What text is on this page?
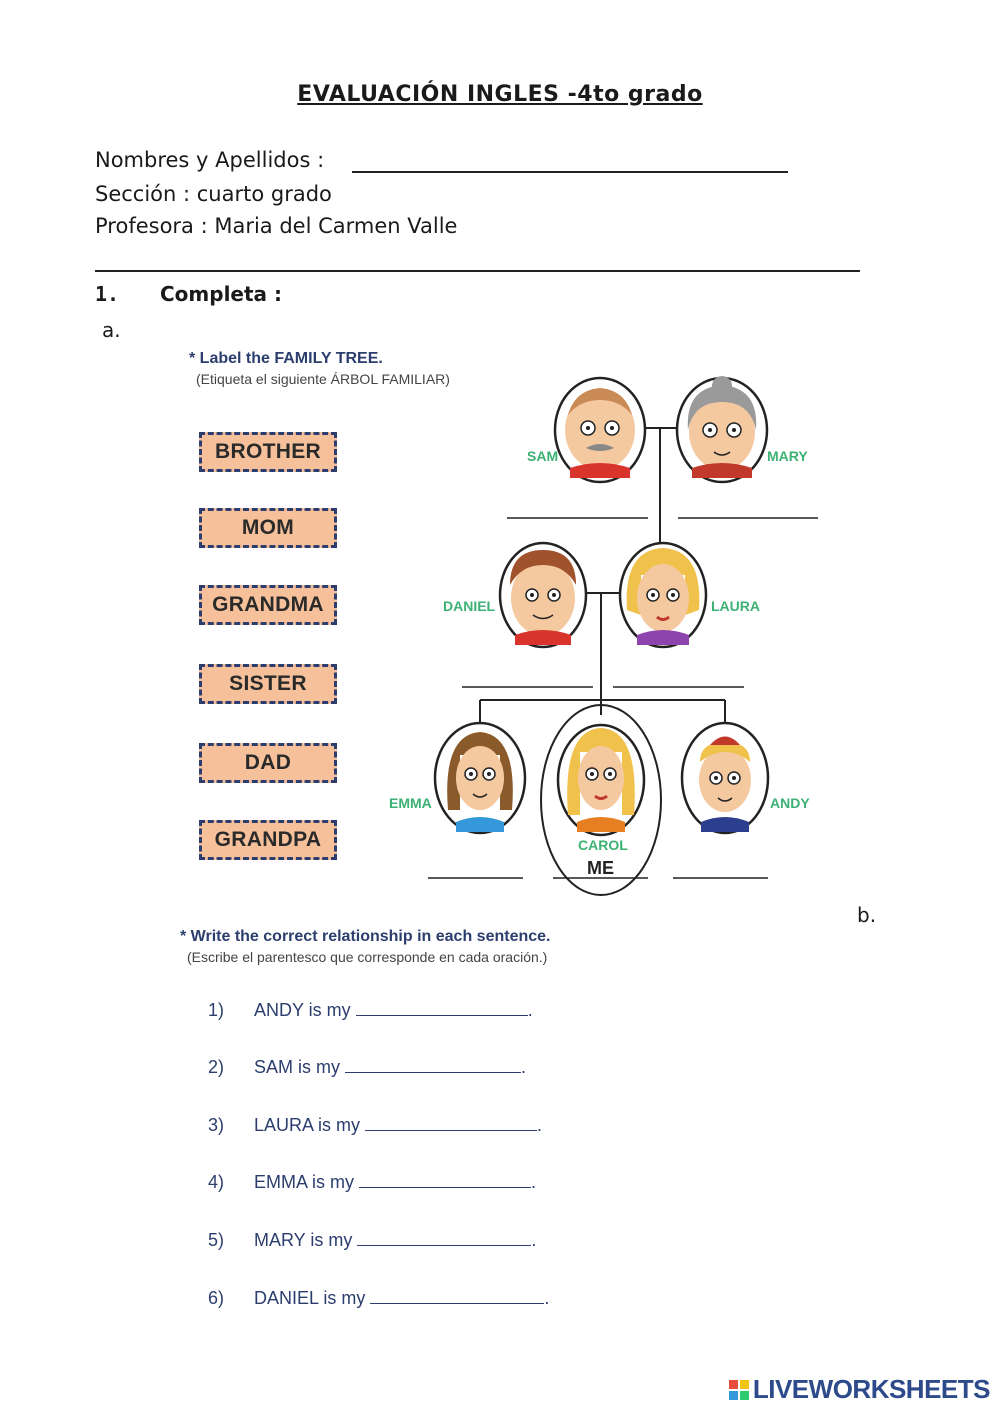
EVALUACIÓN INGLES -4to grado
Nombres y Apellidos :
Sección : cuarto grado
Profesora : Maria del Carmen Valle
1. Completa :
a.
* Label the FAMILY TREE.
(Etiqueta el siguiente ÁRBOL FAMILIAR)
BROTHER
MOM
GRANDMA
SISTER
DAD
GRANDPA
SAM	MARY
DANIEL	LAURA
EMMA	ANDY
CAROL
ME
b.
* Write the correct relationship in each sentence.
(Escribe el parentesco que corresponde en cada oración.)
1) ANDY is my	.
2) SAM is my	.
3) LAURA is my	.
4) EMMA is my	.
5) MARY is my	.
6) DANIEL is my	.
LIVEWORKSHEETS
